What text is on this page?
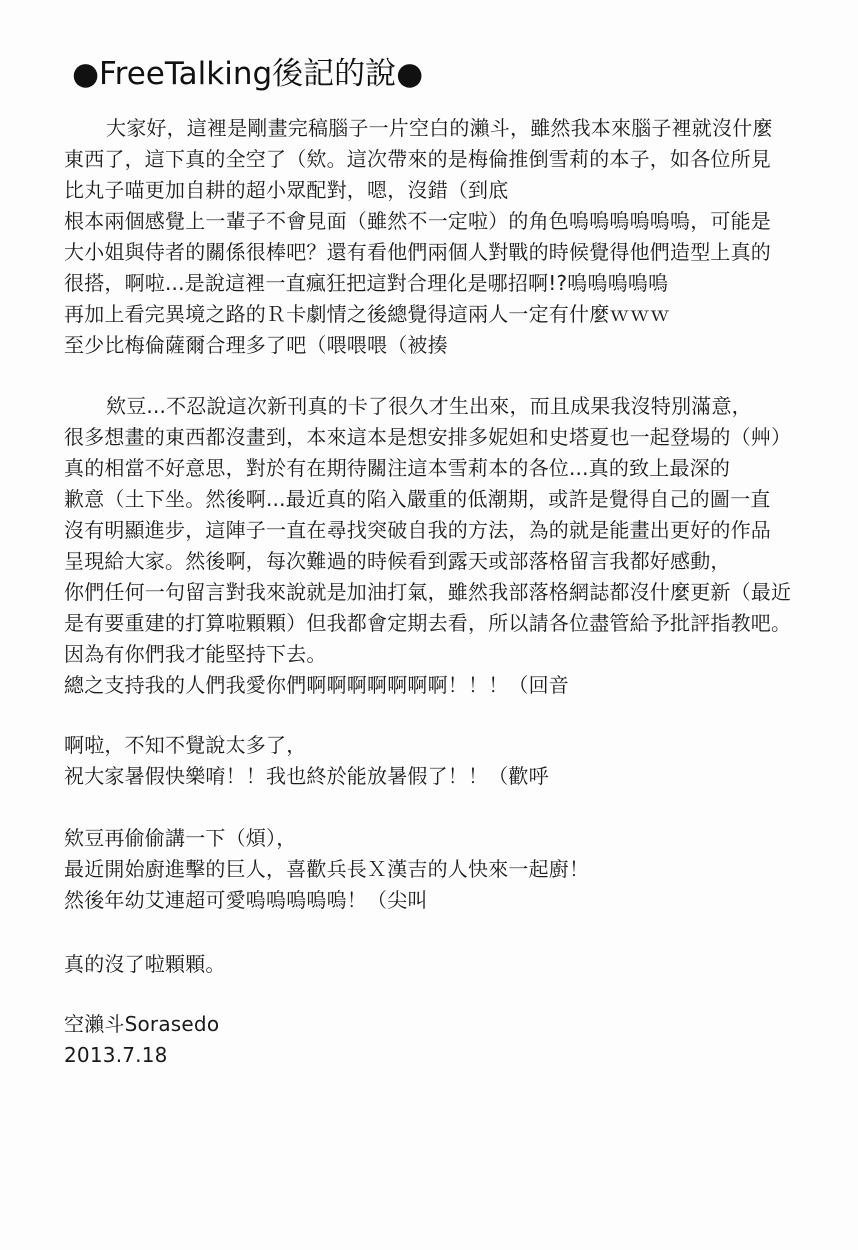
●FreeTalking後記的說●
大家好，這裡是剛畫完稿腦子一片空白的瀨斗，雖然我本來腦子裡就沒什麼
東西了，這下真的全空了（欸。這次帶來的是梅倫推倒雪莉的本子，如各位所見
比丸子喵更加自耕的超小眾配對，嗯，沒錯（到底
根本兩個感覺上一輩子不會見面（雖然不一定啦）的角色嗚嗚嗚嗚嗚嗚，可能是
大小姐與侍者的關係很棒吧？還有看他們兩個人對戰的時候覺得他們造型上真的
很搭，啊啦...是說這裡一直瘋狂把這對合理化是哪招啊!?嗚嗚嗚嗚嗚
再加上看完異境之路的Ｒ卡劇情之後總覺得這兩人一定有什麼ｗｗｗ
至少比梅倫薩爾合理多了吧（喂喂喂（被揍
欸豆...不忍說這次新刊真的卡了很久才生出來，而且成果我沒特別滿意，
很多想畫的東西都沒畫到，本來這本是想安排多妮妲和史塔夏也一起登場的（艸）
真的相當不好意思，對於有在期待關注這本雪莉本的各位...真的致上最深的
歉意（土下坐。然後啊...最近真的陷入嚴重的低潮期，或許是覺得自己的圖一直
沒有明顯進步，這陣子一直在尋找突破自我的方法，為的就是能畫出更好的作品
呈現給大家。然後啊，每次難過的時候看到露天或部落格留言我都好感動，
你們任何一句留言對我來說就是加油打氣，雖然我部落格網誌都沒什麼更新（最近
是有要重建的打算啦顆顆）但我都會定期去看，所以請各位盡管給予批評指教吧。
因為有你們我才能堅持下去。
總之支持我的人們我愛你們啊啊啊啊啊啊啊！！！（回音
啊啦，不知不覺說太多了，
祝大家暑假快樂唷！！我也終於能放暑假了！！（歡呼
欸豆再偷偷講一下（煩），
最近開始廚進擊的巨人，喜歡兵長Ｘ漢吉的人快來一起廚！
然後年幼艾連超可愛嗚嗚嗚嗚嗚！（尖叫
真的沒了啦顆顆。
空瀨斗Sorasedo
2013.7.18
